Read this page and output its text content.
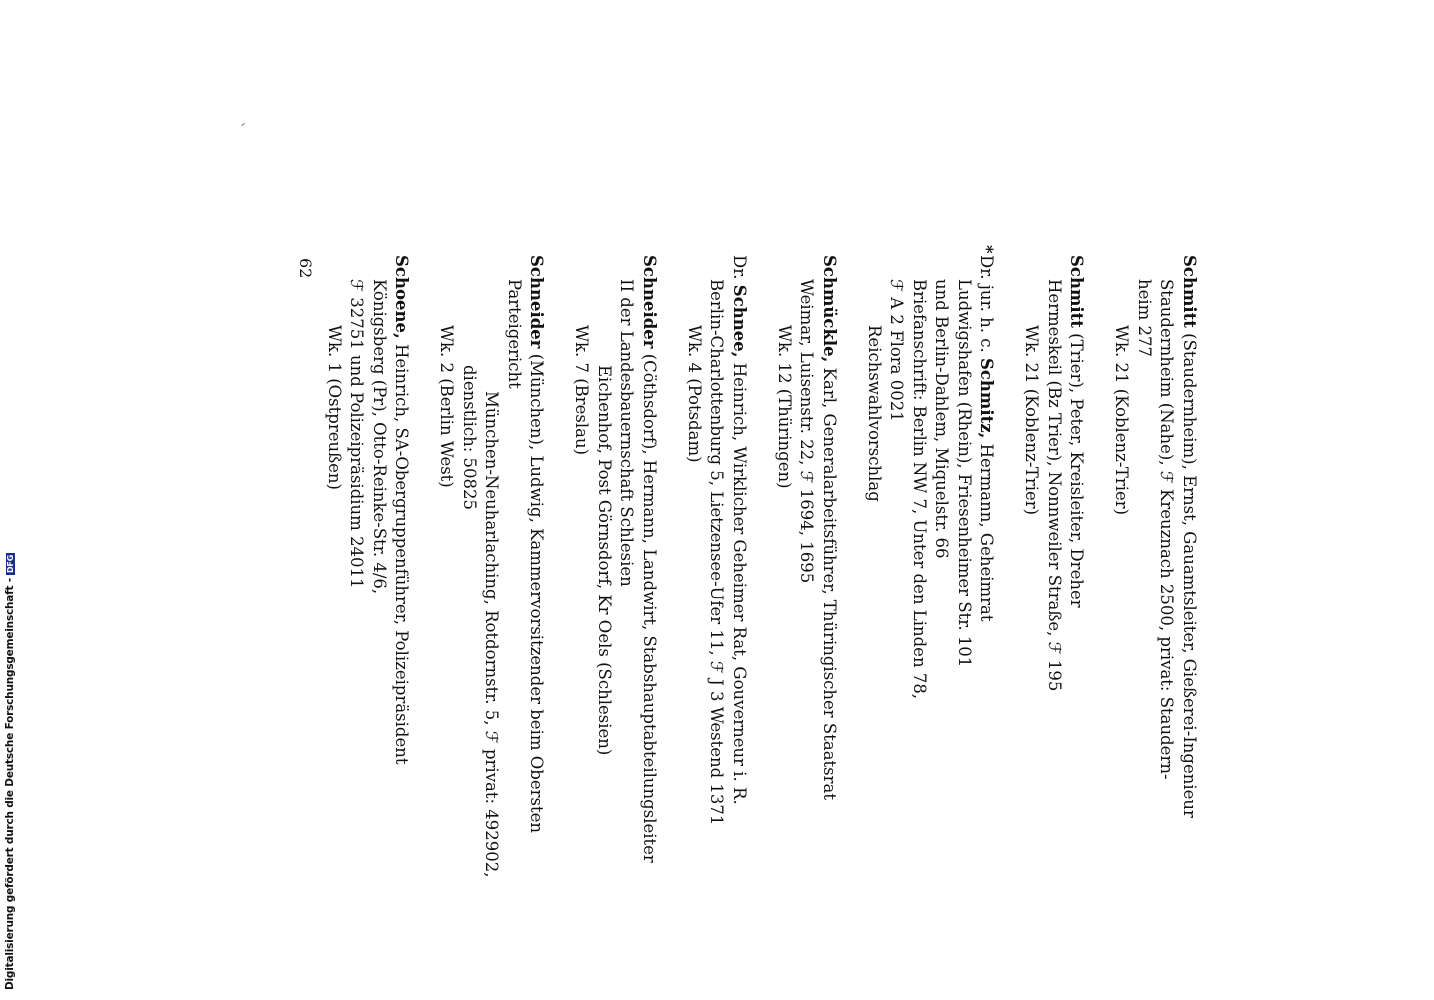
Schmitt (Staudernheim), Ernst, Gauamtsleiter, Gießerei-Ingenieur
Staudernheim (Nahe), ℱ Kreuznach 2500, privat: Staudern-
heim 277
Wk. 21 (Koblenz-Trier)
Schmitt (Trier), Peter, Kreisleiter, Dreher
Hermeskeil (Bz Trier), Nonnweiler Straße, ℱ 195
Wk. 21 (Koblenz-Trier)
*
Dr. jur. h. c. Schmitz, Hermann, Geheimrat
Ludwigshafen (Rhein), Friesenheimer Str. 101
und Berlin-Dahlem, Miquelstr. 66
Briefanschrift: Berlin NW 7, Unter den Linden 78,
ℱ A 2 Flora 0021
Reichswahlvorschlag
Schmückle, Karl, Generalarbeitsführer, Thüringischer Staatsrat
Weimar, Luisenstr. 22, ℱ 1694, 1695
Wk. 12 (Thüringen)
Dr. Schnee, Heinrich, Wirklicher Geheimer Rat, Gouverneur i. R.
Berlin-Charlottenburg 5, Lietzensee-Ufer 11, ℱ J 3 Westend 1371
Wk. 4 (Potsdam)
Schneider (Cöthsdorf), Hermann, Landwirt, Stabshauptabteilungsleiter
II der Landesbauernschaft Schlesien
Eichenhof, Post Görnsdorf, Kr Oels (Schlesien)
Wk. 7 (Breslau)
Schneider (München), Ludwig, Kammervorsitzender beim Obersten
Parteigericht
München-Neuharlaching, Rotdornstr. 5, ℱ privat: 492902,
dienstlich: 50825
Wk. 2 (Berlin West)
Schoene, Heinrich, SA-Obergruppenführer, Polizeipräsident
Königsberg (Pr), Otto-Reinke-Str. 4/6,
ℱ 32751 und Polizeipräsidium 24011
Wk. 1 (Ostpreußen)
62
Digitalisierung gefördert durch die Deutsche Forschungsgemeinschaft -DFG
